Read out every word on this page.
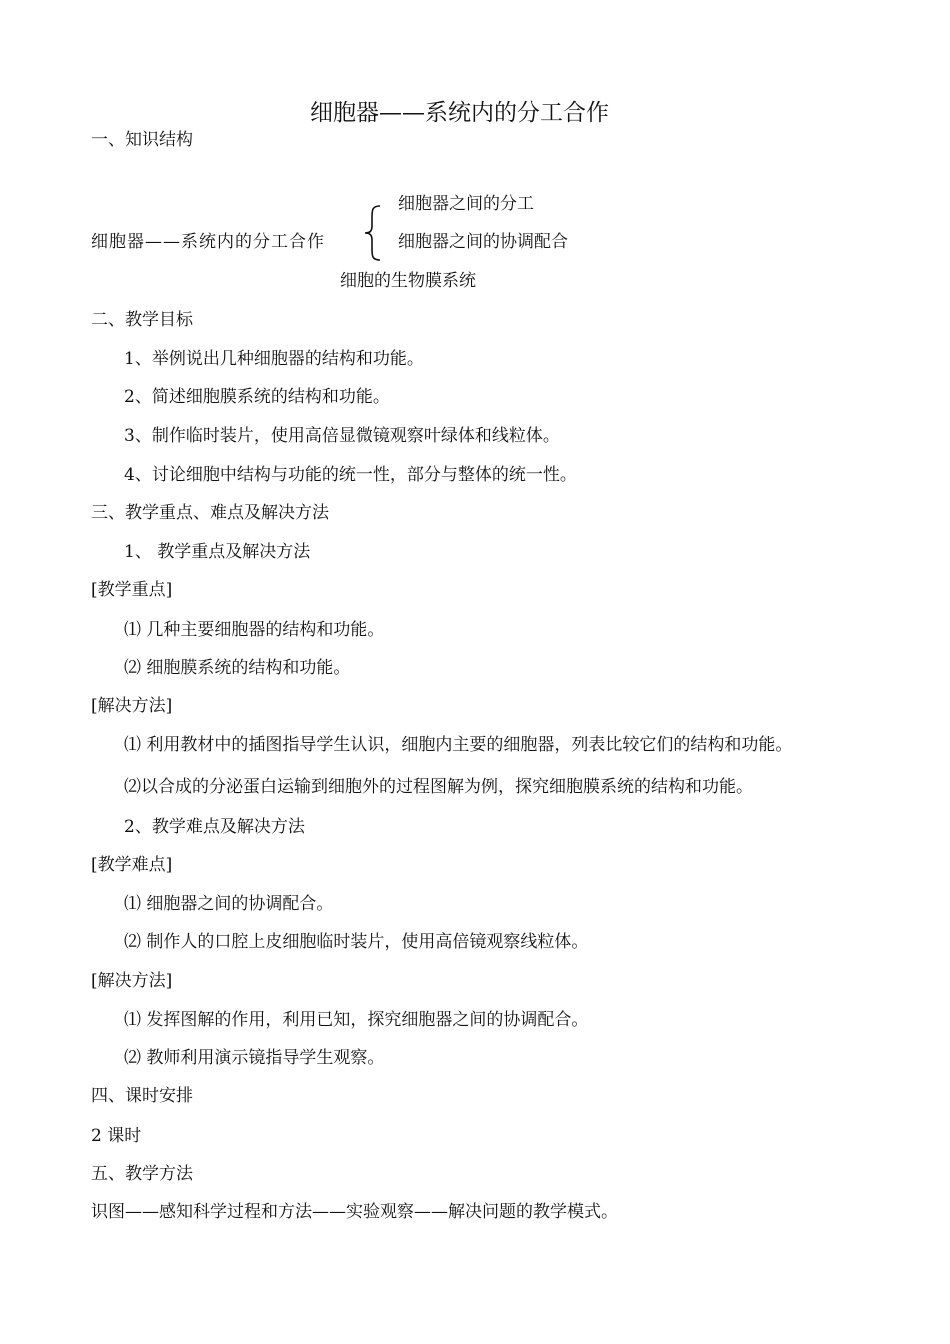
细胞器——系统内的分工合作
一、知识结构
细胞器——系统内的分工合作
细胞器之间的分工
细胞器之间的协调配合
细胞的生物膜系统
二、教学目标
1、举例说出几种细胞器的结构和功能。
2、简述细胞膜系统的结构和功能。
3、制作临时装片，使用高倍显微镜观察叶绿体和线粒体。
4、讨论细胞中结构与功能的统一性，部分与整体的统一性。
三、教学重点、难点及解决方法
1、 教学重点及解决方法
[教学重点]
⑴ 几种主要细胞器的结构和功能。
⑵ 细胞膜系统的结构和功能。
[解决方法]
⑴ 利用教材中的插图指导学生认识，细胞内主要的细胞器，列表比较它们的结构和功能。
⑵以合成的分泌蛋白运输到细胞外的过程图解为例，探究细胞膜系统的结构和功能。
2、教学难点及解决方法
[教学难点]
⑴ 细胞器之间的协调配合。
⑵ 制作人的口腔上皮细胞临时装片，使用高倍镜观察线粒体。
[解决方法]
⑴ 发挥图解的作用，利用已知，探究细胞器之间的协调配合。
⑵ 教师利用演示镜指导学生观察。
四、课时安排
2 课时
五、教学方法
识图——感知科学过程和方法——实验观察——解决问题的教学模式。
